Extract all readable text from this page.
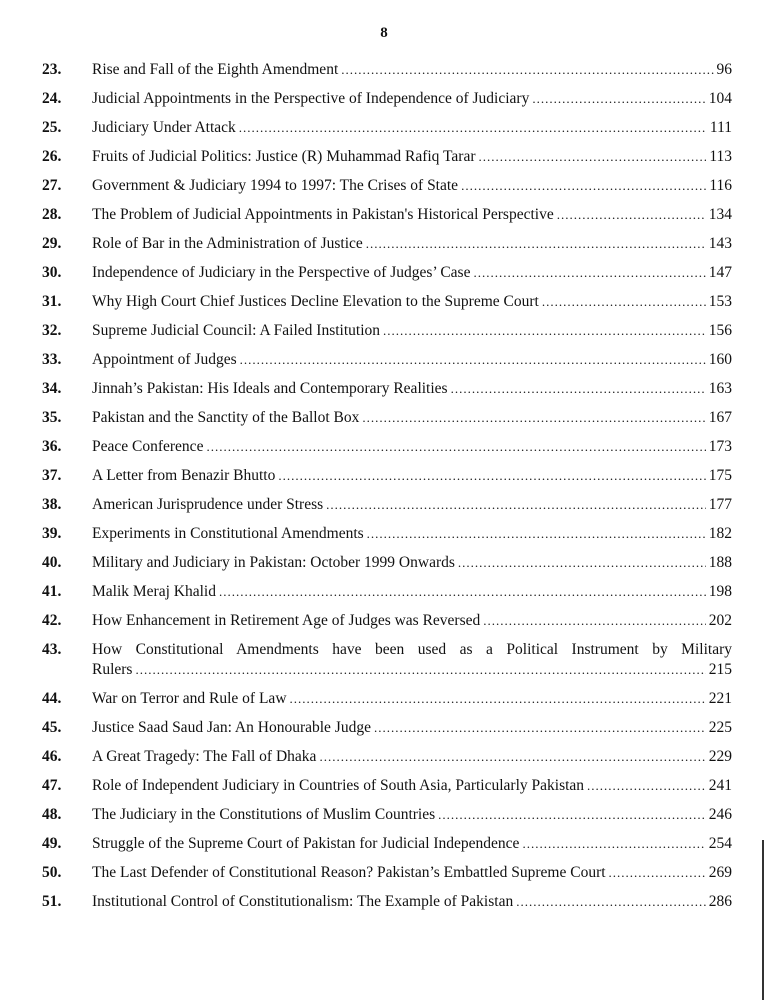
8
23.	Rise and Fall of the Eighth Amendment .....	96
24.	Judicial Appointments in the Perspective of Independence of Judiciary .....	104
25.	Judiciary Under Attack .....	111
26.	Fruits of Judicial Politics: Justice (R) Muhammad Rafiq Tarar .....	113
27.	Government & Judiciary 1994 to 1997: The Crises of State .....	116
28.	The Problem of Judicial Appointments in Pakistan's Historical Perspective .....	134
29.	Role of Bar in the Administration of Justice .....	143
30.	Independence of Judiciary in the Perspective of Judges’ Case .....	147
31.	Why High Court Chief Justices Decline Elevation to the Supreme Court .....	153
32.	Supreme Judicial Council: A Failed Institution .....	156
33.	Appointment of Judges .....	160
34.	Jinnah’s Pakistan: His Ideals and Contemporary Realities .....	163
35.	Pakistan and the Sanctity of the Ballot Box .....	167
36.	Peace Conference .....	173
37.	A Letter from Benazir Bhutto .....	175
38.	American Jurisprudence under Stress .....	177
39.	Experiments in Constitutional Amendments .....	182
40.	Military and Judiciary in Pakistan: October 1999 Onwards .....	188
41.	Malik Meraj Khalid .....	198
42.	How Enhancement in Retirement Age of Judges was Reversed .....	202
43.	How Constitutional Amendments have been used as a Political Instrument by Military
Rulers .....	215
44.	War on Terror and Rule of Law .....	221
45.	Justice Saad Saud Jan: An Honourable Judge .....	225
46.	A Great Tragedy: The Fall of Dhaka .....	229
47.	Role of Independent Judiciary in Countries of South Asia, Particularly Pakistan .....	241
48.	The Judiciary in the Constitutions of Muslim Countries .....	246
49.	Struggle of the Supreme Court of Pakistan for Judicial Independence .....	254
50.	The Last Defender of Constitutional Reason? Pakistan’s Embattled Supreme Court .....	269
51.	Institutional Control of Constitutionalism: The Example of Pakistan .....	286
